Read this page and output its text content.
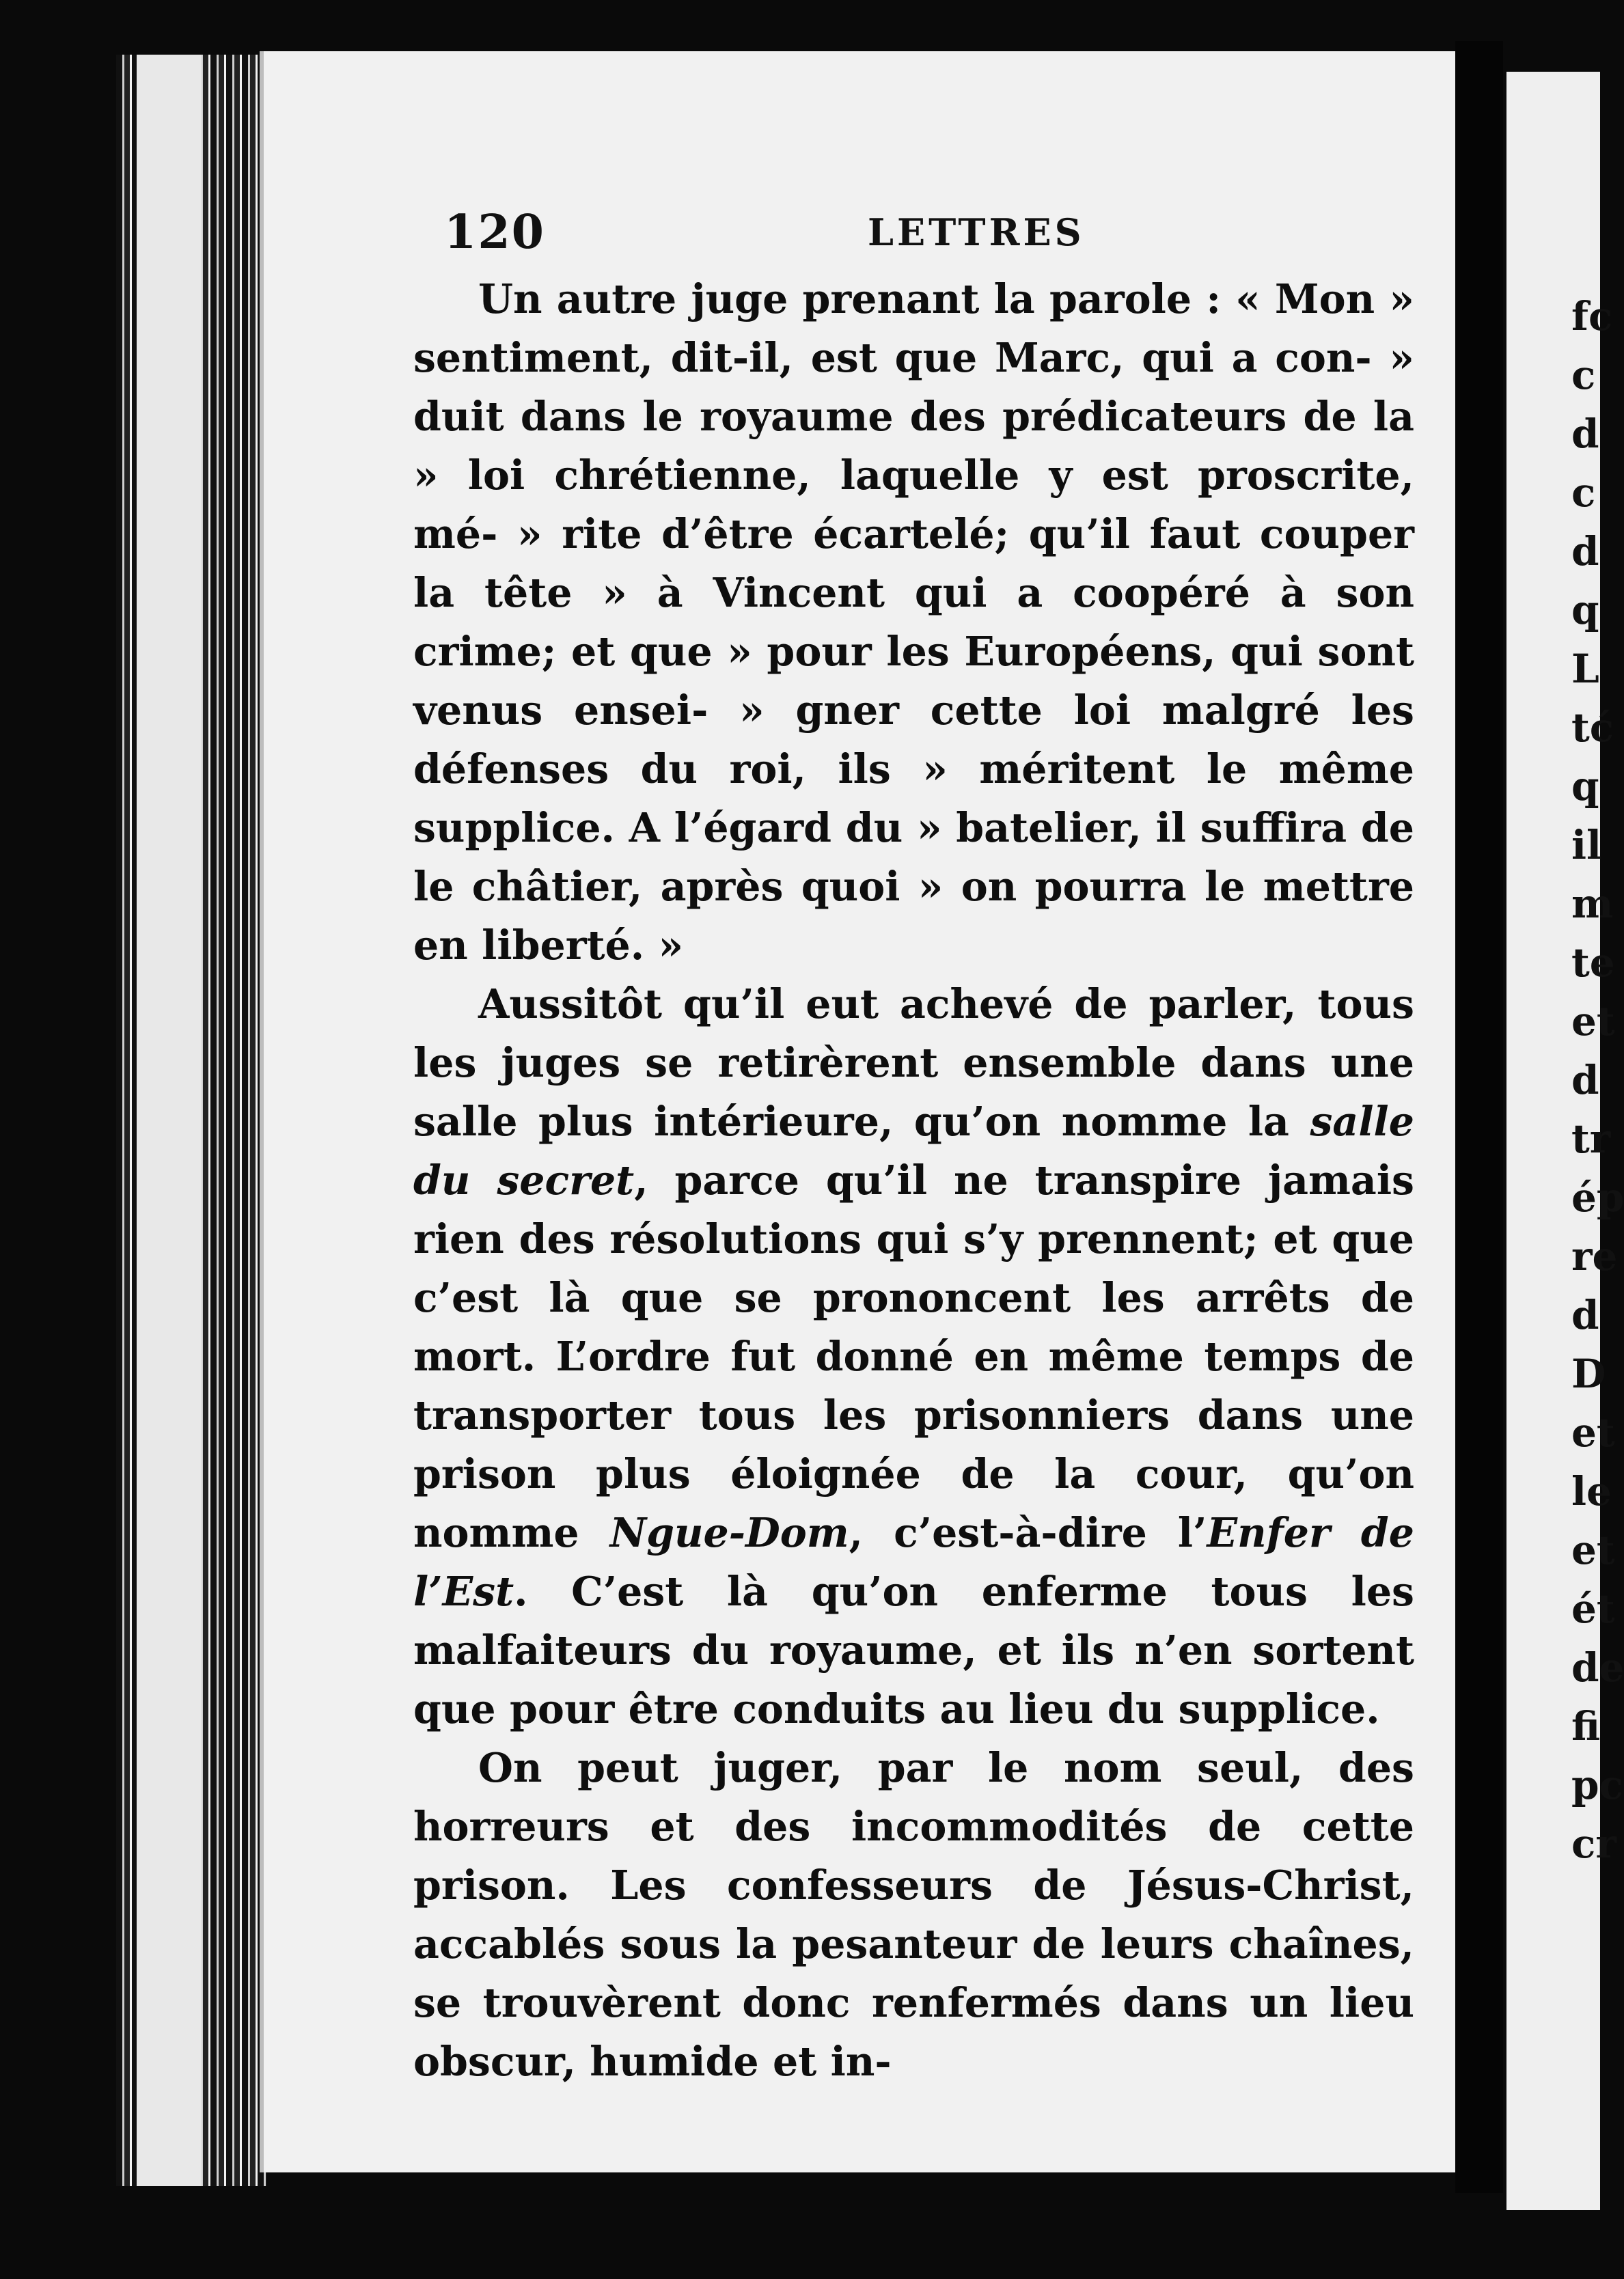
120	LETTRES

Un autre juge prenant la parole : « Mon » sentiment, dit-il, est que Marc, qui a con- » duit dans le royaume des prédicateurs de la » loi chrétienne, laquelle y est proscrite, mé- » rite d’être écartelé; qu’il faut couper la tête » à Vincent qui a coopéré à son crime; et que » pour les Européens, qui sont venus ensei- » gner cette loi malgré les défenses du roi, ils » méritent le même supplice. A l’égard du » batelier, il suffira de le châtier, après quoi » on pourra le mettre en liberté. »

Aussitôt qu’il eut achevé de parler, tous les juges se retirèrent ensemble dans une salle plus intérieure, qu’on nomme la salle du secret, parce qu’il ne transpire jamais rien des résolutions qui s’y prennent; et que c’est là que se prononcent les arrêts de mort. L’ordre fut donné en même temps de transporter tous les prisonniers dans une prison plus éloignée de la cour, qu’on nomme Ngue-Dom, c’est-à-dire l’Enfer de l’Est. C’est là qu’on enferme tous les malfaiteurs du royaume, et ils n’en sortent que pour être conduits au lieu du supplice.

On peut juger, par le nom seul, des horreurs et des incommodités de cette prison. Les confesseurs de Jésus-Christ, accablés sous la pesanteur de leurs chaînes, se trouvèrent donc renfermés dans un lieu obscur, humide et in-

fc c d c d q L tć q il m te et d tr ép re d D et le et ét de fi pc cr
